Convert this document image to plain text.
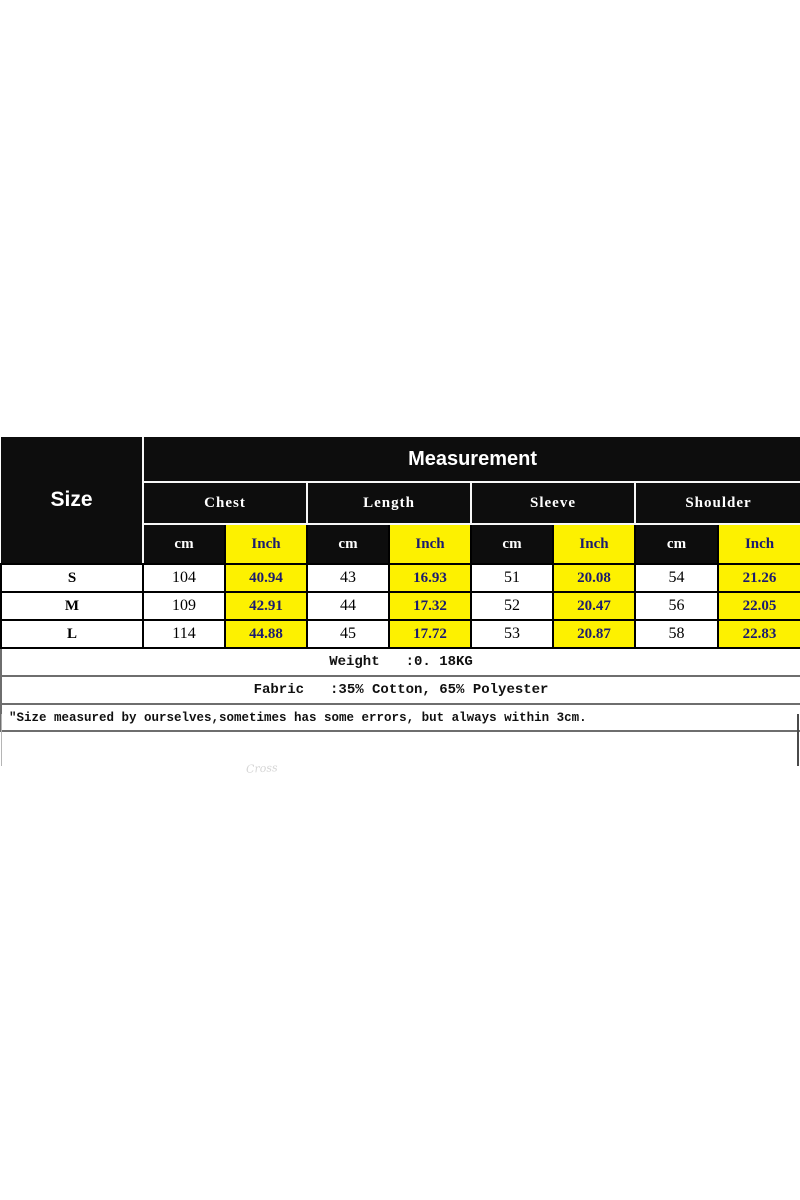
Size	Measurement							
	Chest		Length		Sleeve		Shoulder	
	cm	Inch	cm	Inch	cm	Inch	cm	Inch
S	104	40.94	43	16.93	51	20.08	54	21.26
M	109	42.91	44	17.32	52	20.47	56	22.05
L	114	44.88	45	17.72	53	20.87	58	22.83
Weight :0. 18KG								
Fabric :35% Cotton, 65% Polyester								
"Size measured by ourselves,sometimes has some errors, but always within 3cm.								
Cross
